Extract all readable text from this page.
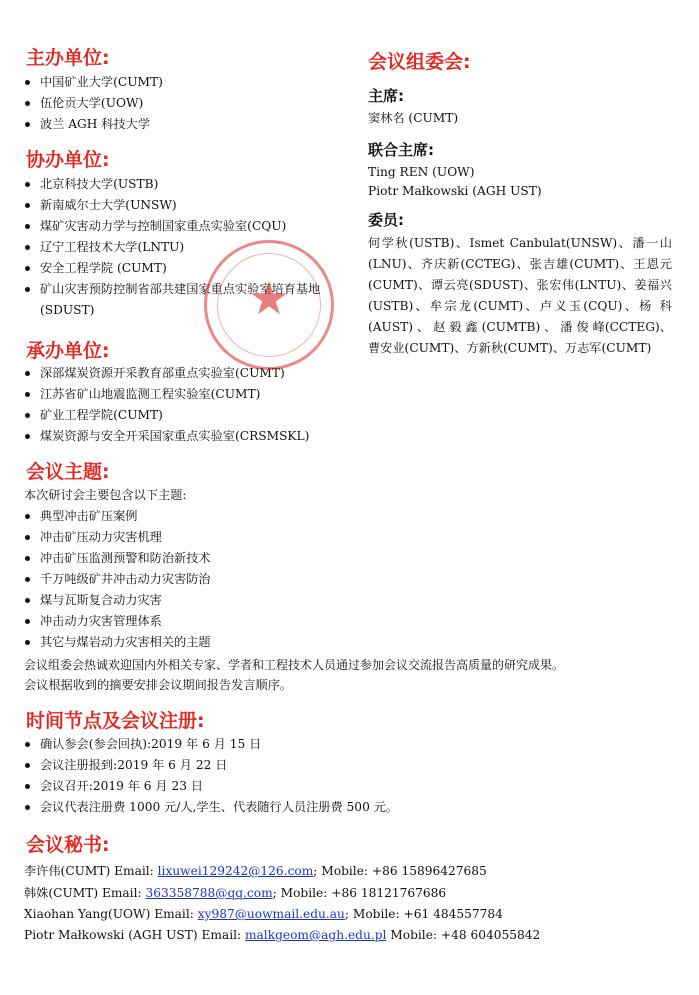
主办单位:
中国矿业大学(CUMT)
伍伦贡大学(UOW)
波兰 AGH 科技大学
协办单位:
北京科技大学(USTB)
新南威尔士大学(UNSW)
煤矿灾害动力学与控制国家重点实验室(CQU)
辽宁工程技术大学(LNTU)
安全工程学院 (CUMT)
矿山灾害预防控制省部共建国家重点实验室培育基地 (SDUST)
承办单位:
深部煤炭资源开采教育部重点实验室(CUMT)
江苏省矿山地震监测工程实验室(CUMT)
矿业工程学院(CUMT)
煤炭资源与安全开采国家重点实验室(CRSMSKL)
会议组委会:
主席:
窦林名 (CUMT)
联合主席:
Ting REN (UOW)
Piotr Małkowski (AGH UST)
委员:
何学秋(USTB)、Ismet Canbulat(UNSW)、潘一山(LNU)、齐庆新(CCTEG)、张吉雄(CUMT)、王恩元(CUMT)、谭云亮(SDUST)、张宏伟(LNTU)、姜福兴(USTB)、牟宗龙(CUMT)、卢义玉(CQU)、杨 科 (AUST) 、 赵 毅 鑫 (CUMTB) 、 潘 俊 峰(CCTEG)、曹安业(CUMT)、方新秋(CUMT)、万志军(CUMT)
★
会议主题:
本次研讨会主要包含以下主题:
典型冲击矿压案例
冲击矿压动力灾害机理
冲击矿压监测预警和防治新技术
千万吨级矿井冲击动力灾害防治
煤与瓦斯复合动力灾害
冲击动力灾害管理体系
其它与煤岩动力灾害相关的主题
会议组委会热诚欢迎国内外相关专家、学者和工程技术人员通过参加会议交流报告高质量的研究成果。
会议根据收到的摘要安排会议期间报告发言顺序。
时间节点及会议注册:
确认参会(参会回执):2019 年 6 月 15 日
会议注册报到:2019 年 6 月 22 日
会议召开:2019 年 6 月 23 日
会议代表注册费 1000 元/人,学生、代表随行人员注册费 500 元。
会议秘书:
李许伟(CUMT) Email: lixuwei129242@126.com; Mobile: +86 15896427685
韩姝(CUMT) Email: 363358788@qq.com; Mobile: +86 18121767686
Xiaohan Yang(UOW) Email: xy987@uowmail.edu.au; Mobile: +61 484557784
Piotr Małkowski (AGH UST) Email: malkgeom@agh.edu.pl Mobile: +48 604055842
